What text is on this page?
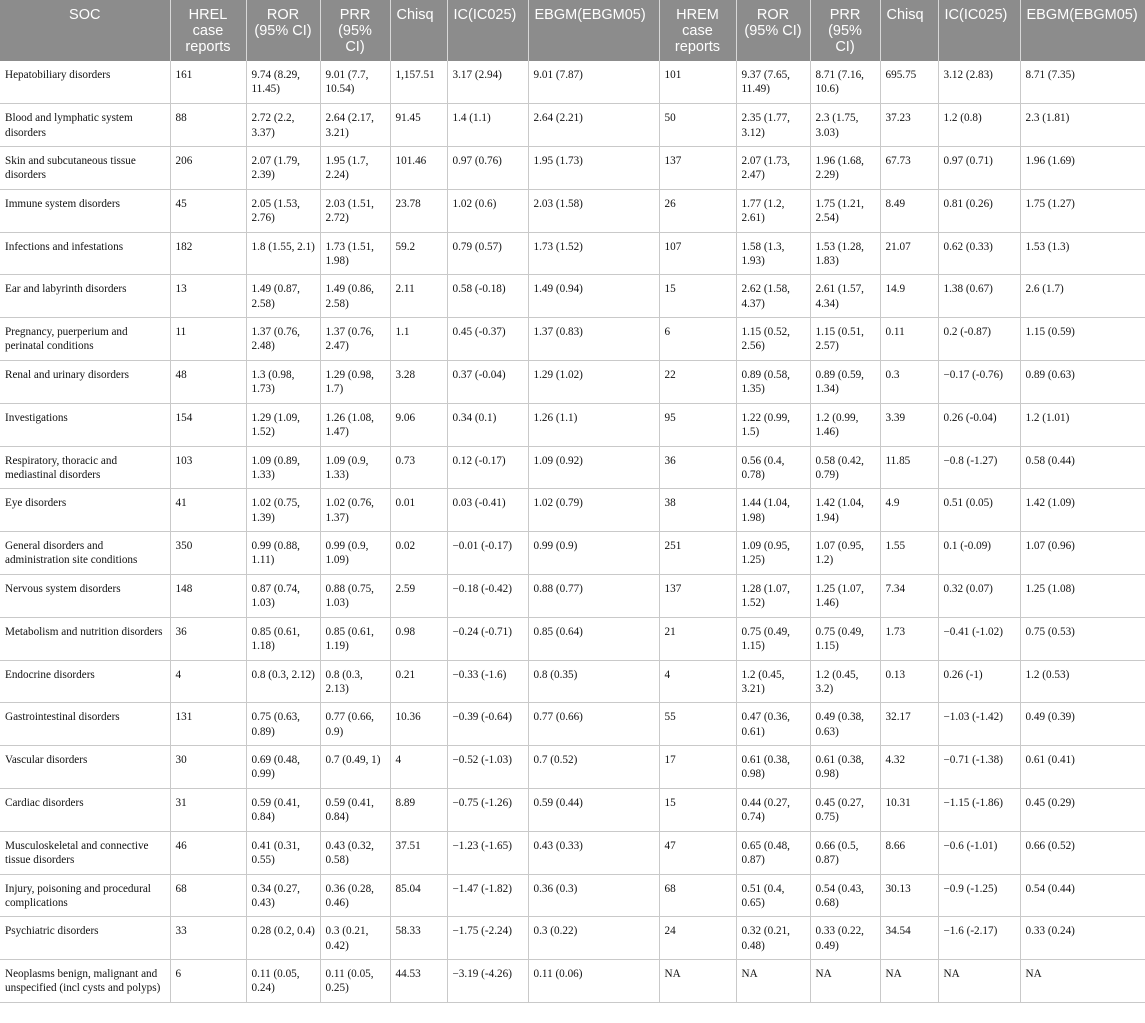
SOC	HREL case reports	ROR (95% CI)	PRR (95% CI)	Chisq	IC(IC025)	EBGM(EBGM05)	HREM case reports	ROR (95% CI)	PRR (95% CI)	Chisq	IC(IC025)	EBGM(EBGM05)
Hepatobiliary disorders	161	9.74 (8.29, 11.45)	9.01 (7.7, 10.54)	1,157.51	3.17 (2.94)	9.01 (7.87)	101	9.37 (7.65, 11.49)	8.71 (7.16, 10.6)	695.75	3.12 (2.83)	8.71 (7.35)
Blood and lymphatic system disorders	88	2.72 (2.2, 3.37)	2.64 (2.17, 3.21)	91.45	1.4 (1.1)	2.64 (2.21)	50	2.35 (1.77, 3.12)	2.3 (1.75, 3.03)	37.23	1.2 (0.8)	2.3 (1.81)
Skin and subcutaneous tissue disorders	206	2.07 (1.79, 2.39)	1.95 (1.7, 2.24)	101.46	0.97 (0.76)	1.95 (1.73)	137	2.07 (1.73, 2.47)	1.96 (1.68, 2.29)	67.73	0.97 (0.71)	1.96 (1.69)
Immune system disorders	45	2.05 (1.53, 2.76)	2.03 (1.51, 2.72)	23.78	1.02 (0.6)	2.03 (1.58)	26	1.77 (1.2, 2.61)	1.75 (1.21, 2.54)	8.49	0.81 (0.26)	1.75 (1.27)
Infections and infestations	182	1.8 (1.55, 2.1)	1.73 (1.51, 1.98)	59.2	0.79 (0.57)	1.73 (1.52)	107	1.58 (1.3, 1.93)	1.53 (1.28, 1.83)	21.07	0.62 (0.33)	1.53 (1.3)
Ear and labyrinth disorders	13	1.49 (0.87, 2.58)	1.49 (0.86, 2.58)	2.11	0.58 (-0.18)	1.49 (0.94)	15	2.62 (1.58, 4.37)	2.61 (1.57, 4.34)	14.9	1.38 (0.67)	2.6 (1.7)
Pregnancy, puerperium and perinatal conditions	11	1.37 (0.76, 2.48)	1.37 (0.76, 2.47)	1.1	0.45 (-0.37)	1.37 (0.83)	6	1.15 (0.52, 2.56)	1.15 (0.51, 2.57)	0.11	0.2 (-0.87)	1.15 (0.59)
Renal and urinary disorders	48	1.3 (0.98, 1.73)	1.29 (0.98, 1.7)	3.28	0.37 (-0.04)	1.29 (1.02)	22	0.89 (0.58, 1.35)	0.89 (0.59, 1.34)	0.3	−0.17 (-0.76)	0.89 (0.63)
Investigations	154	1.29 (1.09, 1.52)	1.26 (1.08, 1.47)	9.06	0.34 (0.1)	1.26 (1.1)	95	1.22 (0.99, 1.5)	1.2 (0.99, 1.46)	3.39	0.26 (-0.04)	1.2 (1.01)
Respiratory, thoracic and mediastinal disorders	103	1.09 (0.89, 1.33)	1.09 (0.9, 1.33)	0.73	0.12 (-0.17)	1.09 (0.92)	36	0.56 (0.4, 0.78)	0.58 (0.42, 0.79)	11.85	−0.8 (-1.27)	0.58 (0.44)
Eye disorders	41	1.02 (0.75, 1.39)	1.02 (0.76, 1.37)	0.01	0.03 (-0.41)	1.02 (0.79)	38	1.44 (1.04, 1.98)	1.42 (1.04, 1.94)	4.9	0.51 (0.05)	1.42 (1.09)
General disorders and administration site conditions	350	0.99 (0.88, 1.11)	0.99 (0.9, 1.09)	0.02	−0.01 (-0.17)	0.99 (0.9)	251	1.09 (0.95, 1.25)	1.07 (0.95, 1.2)	1.55	0.1 (-0.09)	1.07 (0.96)
Nervous system disorders	148	0.87 (0.74, 1.03)	0.88 (0.75, 1.03)	2.59	−0.18 (-0.42)	0.88 (0.77)	137	1.28 (1.07, 1.52)	1.25 (1.07, 1.46)	7.34	0.32 (0.07)	1.25 (1.08)
Metabolism and nutrition disorders	36	0.85 (0.61, 1.18)	0.85 (0.61, 1.19)	0.98	−0.24 (-0.71)	0.85 (0.64)	21	0.75 (0.49, 1.15)	0.75 (0.49, 1.15)	1.73	−0.41 (-1.02)	0.75 (0.53)
Endocrine disorders	4	0.8 (0.3, 2.12)	0.8 (0.3, 2.13)	0.21	−0.33 (-1.6)	0.8 (0.35)	4	1.2 (0.45, 3.21)	1.2 (0.45, 3.2)	0.13	0.26 (-1)	1.2 (0.53)
Gastrointestinal disorders	131	0.75 (0.63, 0.89)	0.77 (0.66, 0.9)	10.36	−0.39 (-0.64)	0.77 (0.66)	55	0.47 (0.36, 0.61)	0.49 (0.38, 0.63)	32.17	−1.03 (-1.42)	0.49 (0.39)
Vascular disorders	30	0.69 (0.48, 0.99)	0.7 (0.49, 1)	4	−0.52 (-1.03)	0.7 (0.52)	17	0.61 (0.38, 0.98)	0.61 (0.38, 0.98)	4.32	−0.71 (-1.38)	0.61 (0.41)
Cardiac disorders	31	0.59 (0.41, 0.84)	0.59 (0.41, 0.84)	8.89	−0.75 (-1.26)	0.59 (0.44)	15	0.44 (0.27, 0.74)	0.45 (0.27, 0.75)	10.31	−1.15 (-1.86)	0.45 (0.29)
Musculoskeletal and connective tissue disorders	46	0.41 (0.31, 0.55)	0.43 (0.32, 0.58)	37.51	−1.23 (-1.65)	0.43 (0.33)	47	0.65 (0.48, 0.87)	0.66 (0.5, 0.87)	8.66	−0.6 (-1.01)	0.66 (0.52)
Injury, poisoning and procedural complications	68	0.34 (0.27, 0.43)	0.36 (0.28, 0.46)	85.04	−1.47 (-1.82)	0.36 (0.3)	68	0.51 (0.4, 0.65)	0.54 (0.43, 0.68)	30.13	−0.9 (-1.25)	0.54 (0.44)
Psychiatric disorders	33	0.28 (0.2, 0.4)	0.3 (0.21, 0.42)	58.33	−1.75 (-2.24)	0.3 (0.22)	24	0.32 (0.21, 0.48)	0.33 (0.22, 0.49)	34.54	−1.6 (-2.17)	0.33 (0.24)
Neoplasms benign, malignant and unspecified (incl cysts and polyps)	6	0.11 (0.05, 0.24)	0.11 (0.05, 0.25)	44.53	−3.19 (-4.26)	0.11 (0.06)	NA	NA	NA	NA	NA	NA
